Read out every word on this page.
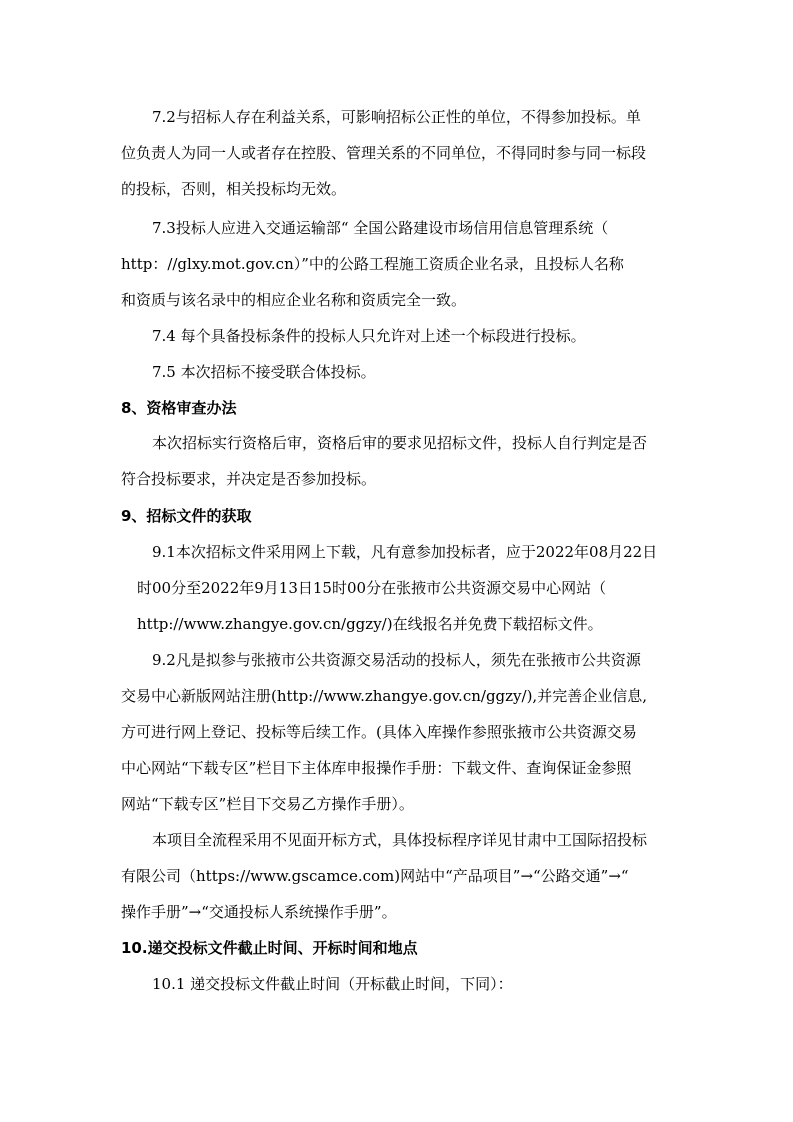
7.2与招标人存在利益关系，可影响招标公正性的单位，不得参加投标。单
位负责人为同一人或者存在控股、管理关系的不同单位，不得同时参与同一标段
的投标，否则，相关投标均无效。
7.3投标人应进入交通运输部“ 全国公路建设市场信用信息管理系统（
http：//glxy.mot.gov.cn）”中的公路工程施工资质企业名录，且投标人名称
和资质与该名录中的相应企业名称和资质完全一致。
7.4 每个具备投标条件的投标人只允许对上述一个标段进行投标。
7.5 本次招标不接受联合体投标。
8、资格审查办法
本次招标实行资格后审，资格后审的要求见招标文件，投标人自行判定是否
符合投标要求，并决定是否参加投标。
9、招标文件的获取
9.1本次招标文件采用网上下载，凡有意参加投标者，应于2022年08月22日
时00分至2022年9月13日15时00分在张掖市公共资源交易中心网站（
http://www.zhangye.gov.cn/ggzy/)在线报名并免费下载招标文件。
9.2凡是拟参与张掖市公共资源交易活动的投标人，须先在张掖市公共资源
交易中心新版网站注册(http://www.zhangye.gov.cn/ggzy/),并完善企业信息,
方可进行网上登记、投标等后续工作。(具体入库操作参照张掖市公共资源交易
中心网站“下载专区”栏目下主体库申报操作手册：下载文件、查询保证金参照
网站“下载专区”栏目下交易乙方操作手册）。
本项目全流程采用不见面开标方式，具体投标程序详见甘肃中工国际招投标
有限公司（https://www.gscamce.com)网站中“产品项目”→“公路交通”→“
操作手册”→“交通投标人系统操作手册”。
10.递交投标文件截止时间、开标时间和地点
10.1 递交投标文件截止时间（开标截止时间，下同）：
